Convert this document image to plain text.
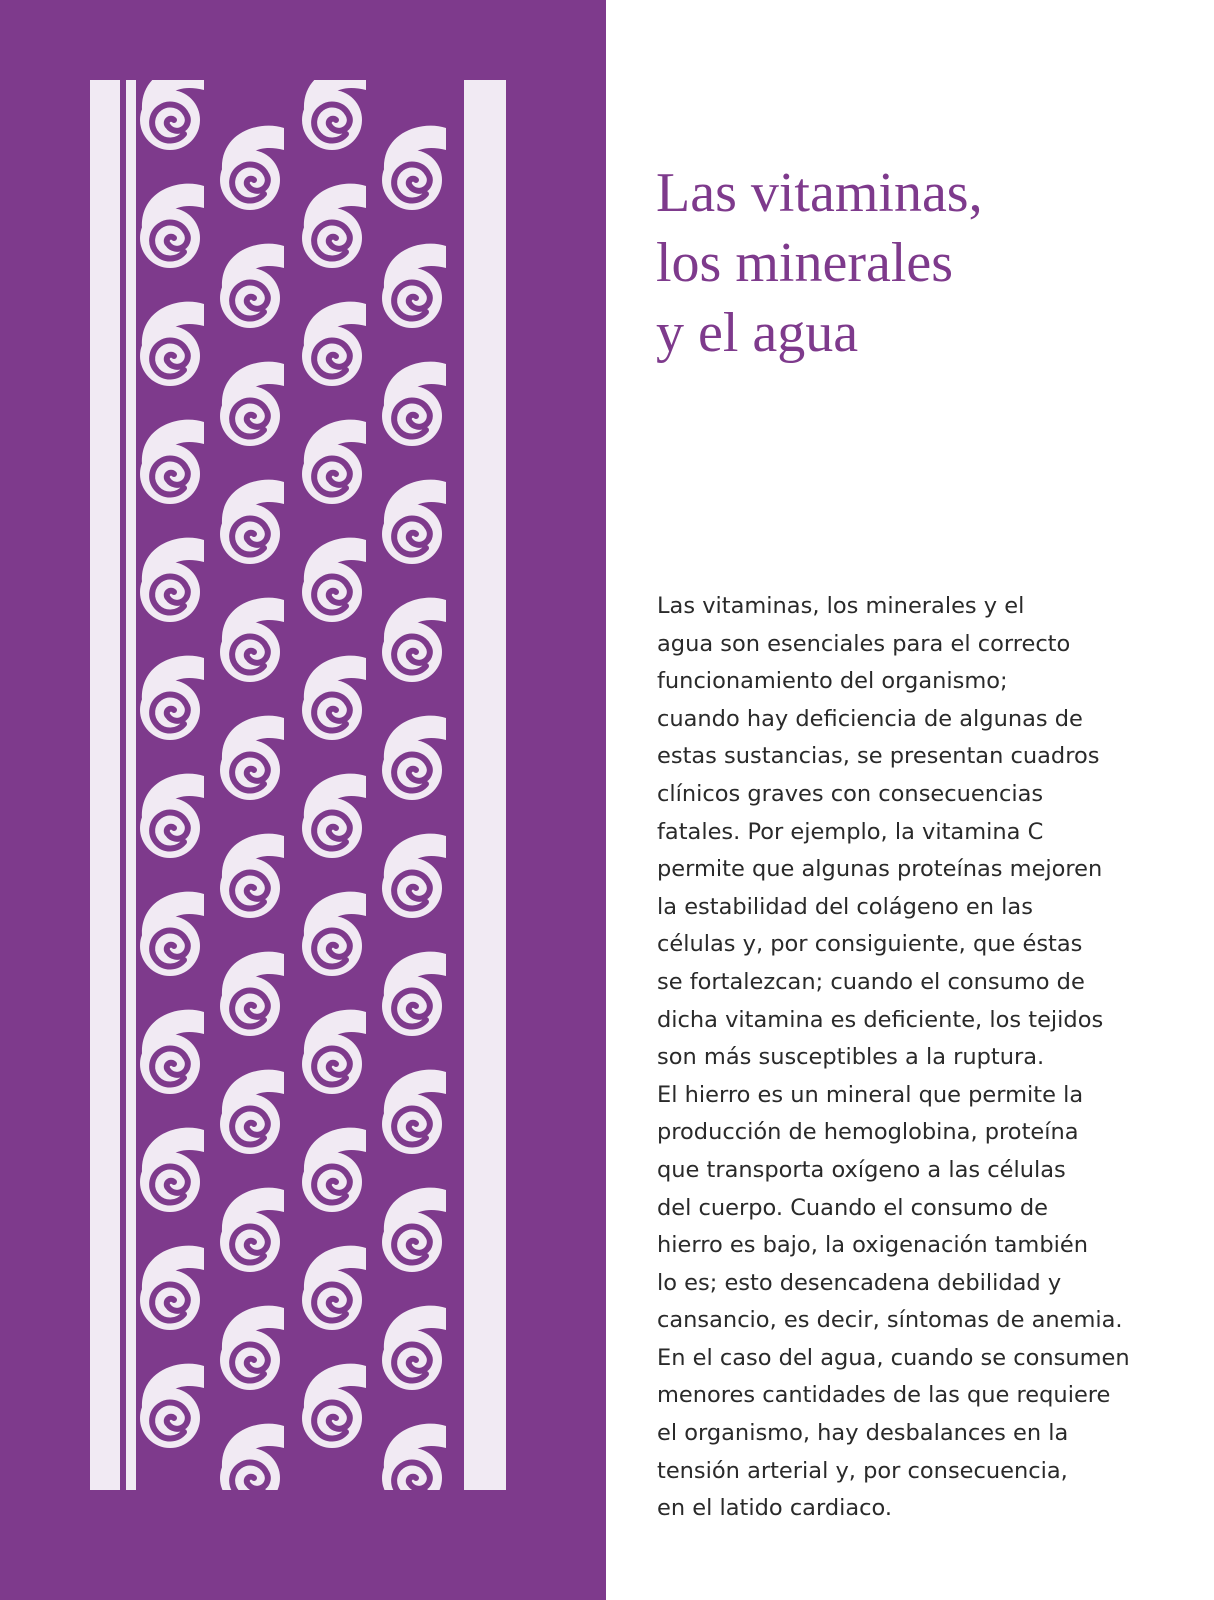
Las vitaminas,
los minerales
y el agua
Las vitaminas, los minerales y el
agua son esenciales para el correcto
funcionamiento del organismo;
cuando hay deficiencia de algunas de
estas sustancias, se presentan cuadros
clínicos graves con consecuencias
fatales. Por ejemplo, la vitamina C
permite que algunas proteínas mejoren
la estabilidad del colágeno en las
células y, por consiguiente, que éstas
se fortalezcan; cuando el consumo de
dicha vitamina es deficiente, los tejidos
son más susceptibles a la ruptura.
El hierro es un mineral que permite la
producción de hemoglobina, proteína
que transporta oxígeno a las células
del cuerpo. Cuando el consumo de
hierro es bajo, la oxigenación también
lo es; esto desencadena debilidad y
cansancio, es decir, síntomas de anemia.
En el caso del agua, cuando se consumen
menores cantidades de las que requiere
el organismo, hay desbalances en la
tensión arterial y, por consecuencia,
en el latido cardiaco.
